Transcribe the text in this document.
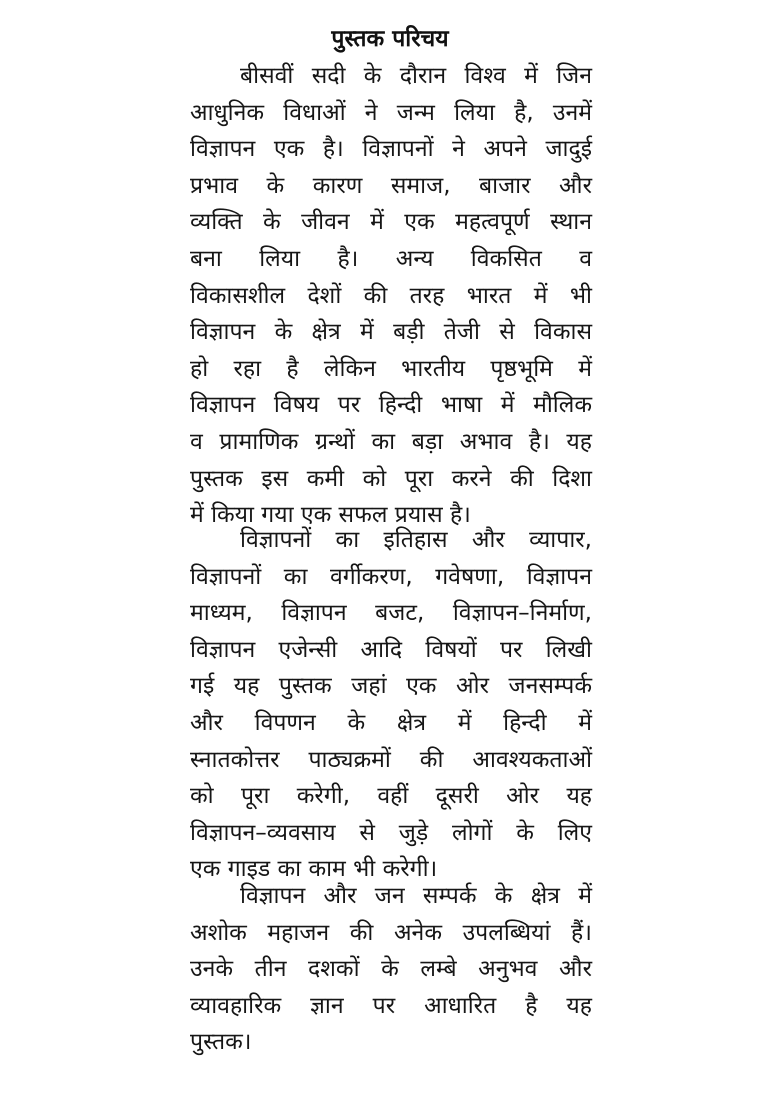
पुस्तक परिचय
बीसवीं सदी के दौरान विश्व में जिन
आधुनिक विधाओं ने जन्म लिया है, उनमें
विज्ञापन एक है। विज्ञापनों ने अपने जादुई
प्रभाव के कारण समाज, बाजार और
व्यक्ति के जीवन में एक महत्वपूर्ण स्थान
बना लिया है। अन्य विकसित व
विकासशील देशों की तरह भारत में भी
विज्ञापन के क्षेत्र में बड़ी तेजी से विकास
हो रहा है लेकिन भारतीय पृष्ठभूमि में
विज्ञापन विषय पर हिन्दी भाषा में मौलिक
व प्रामाणिक ग्रन्थों का बड़ा अभाव है। यह
पुस्तक इस कमी को पूरा करने की दिशा
में किया गया एक सफल प्रयास है।
विज्ञापनों का इतिहास और व्यापार,
विज्ञापनों का वर्गीकरण, गवेषणा, विज्ञापन
माध्यम, विज्ञापन बजट, विज्ञापन–निर्माण,
विज्ञापन एजेन्सी आदि विषयों पर लिखी
गई यह पुस्तक जहां एक ओर जनसम्पर्क
और विपणन के क्षेत्र में हिन्दी में
स्नातकोत्तर पाठ्यक्रमों की आवश्यकताओं
को पूरा करेगी, वहीं दूसरी ओर यह
विज्ञापन–व्यवसाय से जुड़े लोगों के लिए
एक गाइड का काम भी करेगी।
विज्ञापन और जन सम्पर्क के क्षेत्र में
अशोक महाजन की अनेक उपलब्धियां हैं।
उनके तीन दशकों के लम्बे अनुभव और
व्यावहारिक ज्ञान पर आधारित है यह
पुस्तक।
